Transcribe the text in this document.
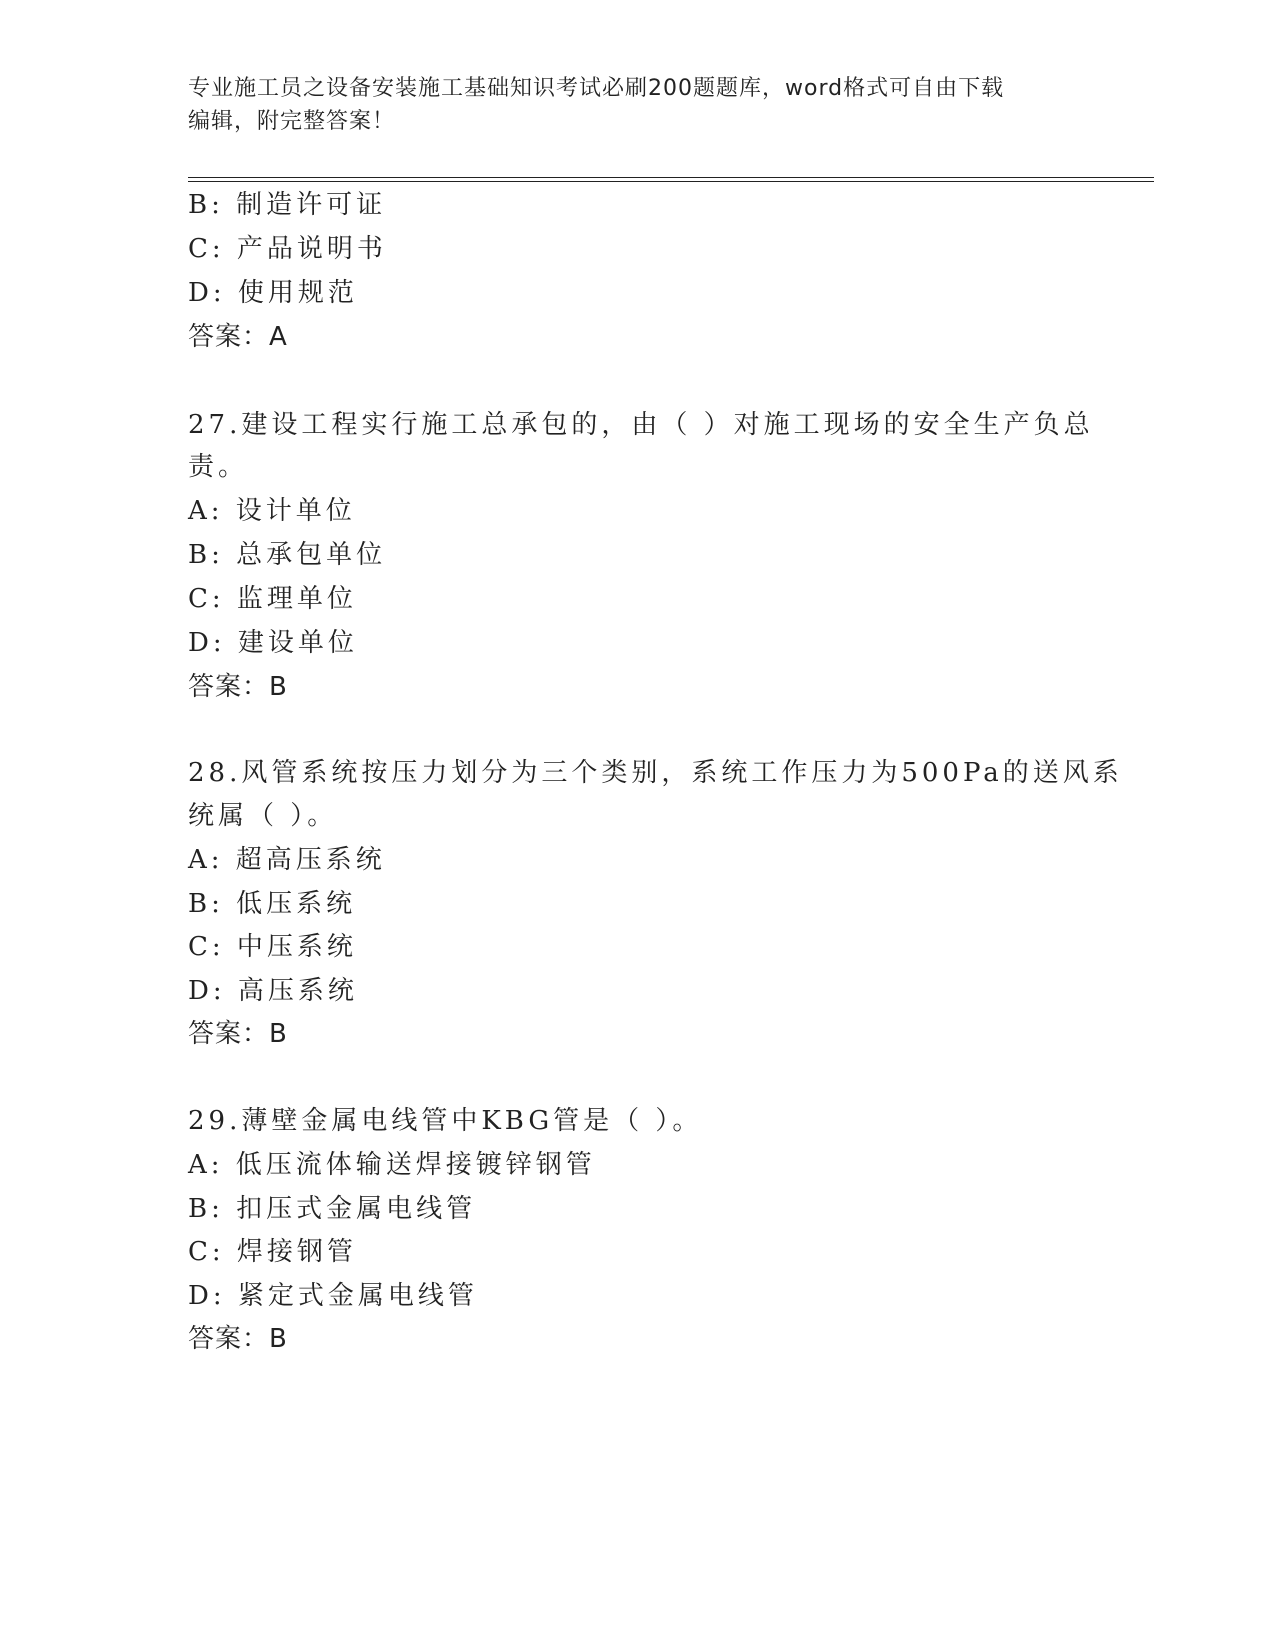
专业施工员之设备安装施工基础知识考试必刷200题题库，word格式可自由下载
编辑，附完整答案！
B: 制造许可证
C: 产品说明书
D: 使用规范
答案：A
27.建设工程实行施工总承包的，由（ ）对施工现场的安全生产负总
责。
A: 设计单位
B: 总承包单位
C: 监理单位
D: 建设单位
答案：B
28.风管系统按压力划分为三个类别，系统工作压力为500Pa的送风系
统属（ ）。
A: 超高压系统
B: 低压系统
C: 中压系统
D: 高压系统
答案：B
29.薄壁金属电线管中KBG管是（ ）。
A: 低压流体输送焊接镀锌钢管
B: 扣压式金属电线管
C: 焊接钢管
D: 紧定式金属电线管
答案：B
